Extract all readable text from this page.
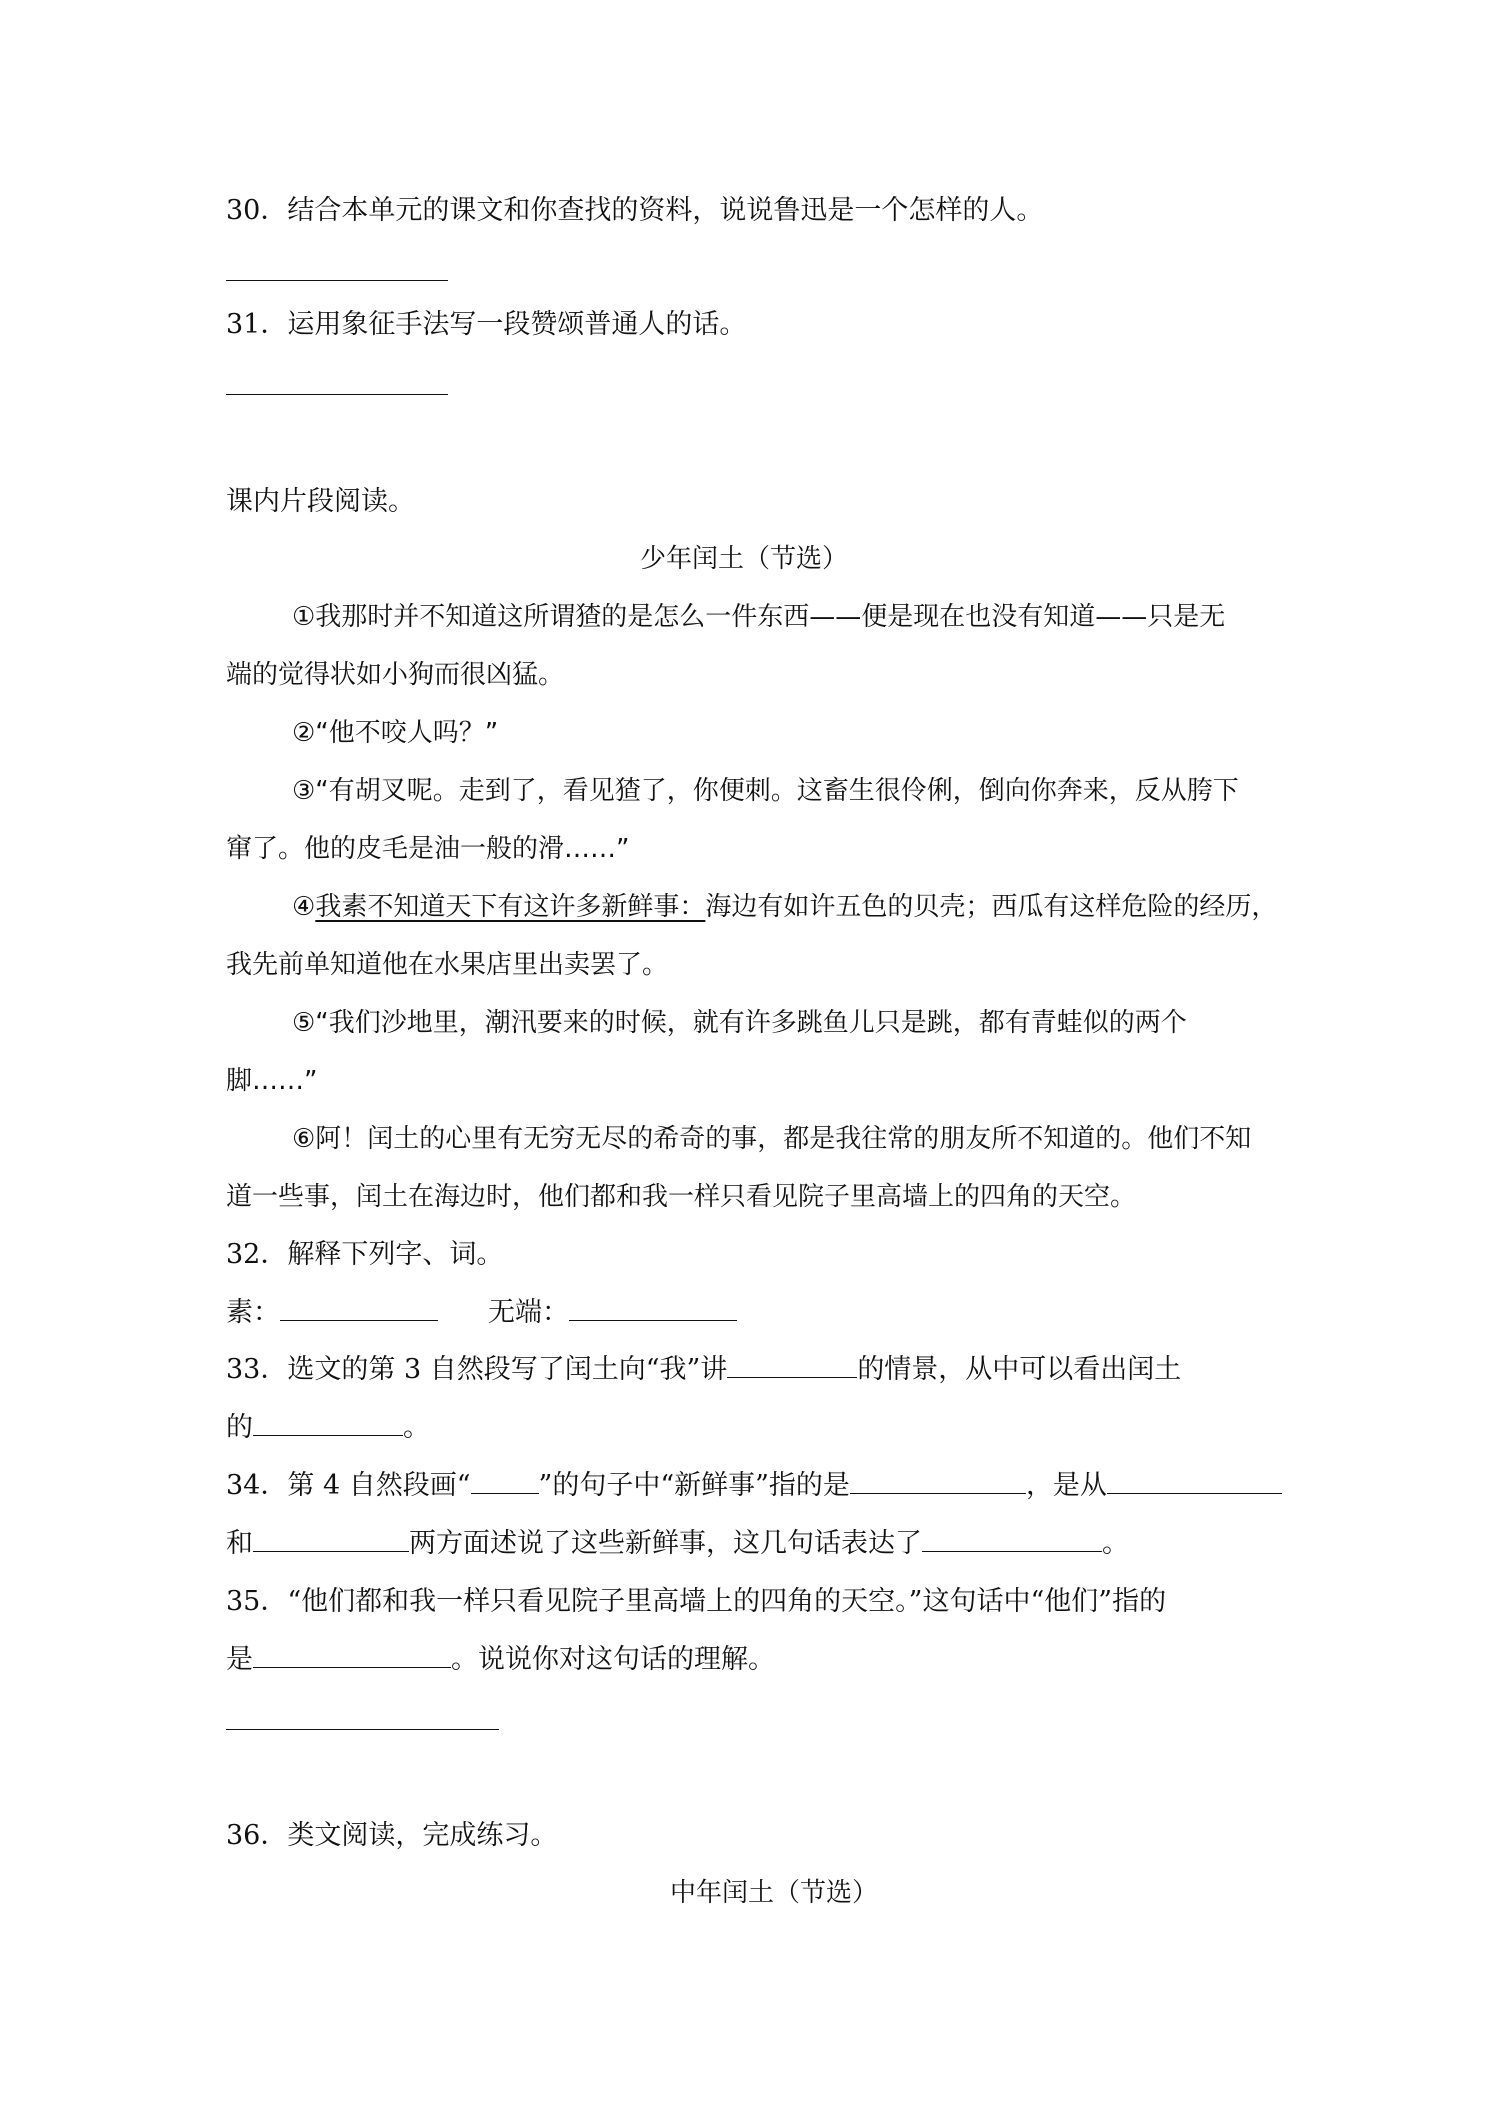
30．结合本单元的课文和你查找的资料，说说鲁迅是一个怎样的人。
31．运用象征手法写一段赞颂普通人的话。
课内片段阅读。
少年闰土（节选）
①我那时并不知道这所谓猹的是怎么一件东西——便是现在也没有知道——只是无
端的觉得状如小狗而很凶猛。
②“他不咬人吗？”
③“有胡叉呢。走到了，看见猹了，你便刺。这畜生很伶俐，倒向你奔来，反从胯下
窜了。他的皮毛是油一般的滑……”
④我素不知道天下有这许多新鲜事：海边有如许五色的贝壳；西瓜有这样危险的经历，
我先前单知道他在水果店里出卖罢了。
⑤“我们沙地里，潮汛要来的时候，就有许多跳鱼儿只是跳，都有青蛙似的两个
脚……”
⑥阿！闰土的心里有无穷无尽的希奇的事，都是我往常的朋友所不知道的。他们不知
道一些事，闰土在海边时，他们都和我一样只看见院子里高墙上的四角的天空。
32．解释下列字、词。
素：	无端：
33．选文的第 3 自然段写了闰土向“我”讲	的情景，从中可以看出闰土
的	。
34．第 4 自然段画“	”的句子中“新鲜事”指的是	，是从
和	两方面述说了这些新鲜事，这几句话表达了	。
35．“他们都和我一样只看见院子里高墙上的四角的天空。”这句话中“他们”指的
是	。说说你对这句话的理解。
36．类文阅读，完成练习。
中年闰土（节选）
